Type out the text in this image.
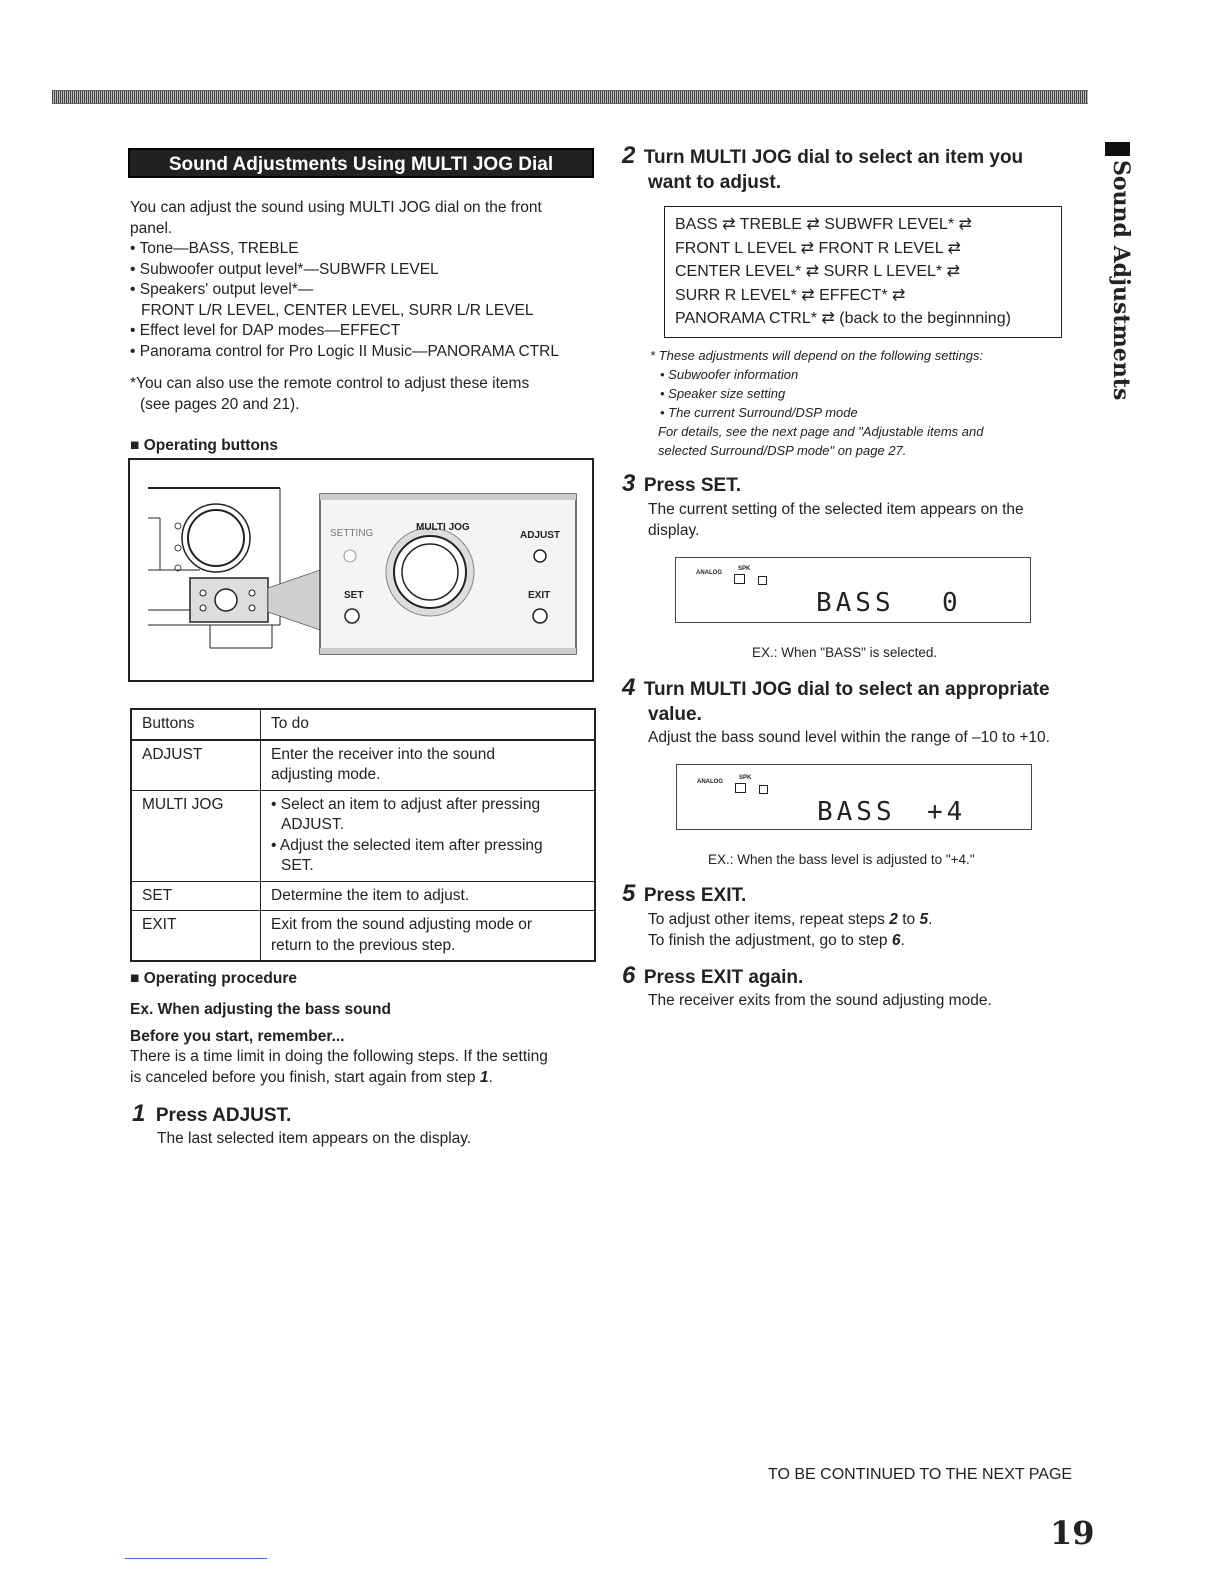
Sound Adjustments
Sound Adjustments Using MULTI JOG Dial
You can adjust the sound using MULTI JOG dial on the front
panel.
• Tone—BASS, TREBLE
• Subwoofer output level*—SUBWFR LEVEL
• Speakers' output level*—
FRONT L/R LEVEL, CENTER LEVEL, SURR L/R LEVEL
• Effect level for DAP modes—EFFECT
• Panorama control for Pro Logic II Music—PANORAMA CTRL
*You can also use the remote control to adjust these items
(see pages 20 and 21).
■ Operating buttons
SETTING
MULTI JOG
ADJUST
SET	EXIT
Buttons	To do
ADJUST	Enter the receiver into the sound
adjusting mode.

MULTI JOG	• Select an item to adjust after pressing
ADJUST.
• Adjust the selected item after pressing
SET.

SET	Determine the item to adjust.

EXIT	Exit from the sound adjusting mode or
return to the previous step.
■ Operating procedure
Ex. When adjusting the bass sound
Before you start, remember...
There is a time limit in doing the following steps. If the setting
is canceled before you finish, start again from step 1.
1 Press ADJUST.
The last selected item appears on the display.
2 Turn MULTI JOG dial to select an item you
want to adjust.
BASS ⇄ TREBLE ⇄ SUBWFR LEVEL* ⇄
FRONT L LEVEL ⇄ FRONT R LEVEL ⇄
CENTER LEVEL* ⇄ SURR L LEVEL* ⇄
SURR R LEVEL* ⇄ EFFECT* ⇄
PANORAMA CTRL* ⇄ (back to the beginnning)
* These adjustments will depend on the following settings:
• Subwoofer information
• Speaker size setting
• The current Surround/DSP mode
For details, see the next page and "Adjustable items and
selected Surround/DSP mode" on page 27.
3 Press SET.
The current setting of the selected item appears on the
display.
ANALOG
SPK
BASS 0
EX.: When "BASS" is selected.
4 Turn MULTI JOG dial to select an appropriate
value.
Adjust the bass sound level within the range of –10 to +10.
ANALOG
SPK
BASS +4
EX.: When the bass level is adjusted to "+4."
5 Press EXIT.
To adjust other items, repeat steps 2 to 5.
To finish the adjustment, go to step 6.
6 Press EXIT again.
The receiver exits from the sound adjusting mode.
TO BE CONTINUED TO THE NEXT PAGE
19
